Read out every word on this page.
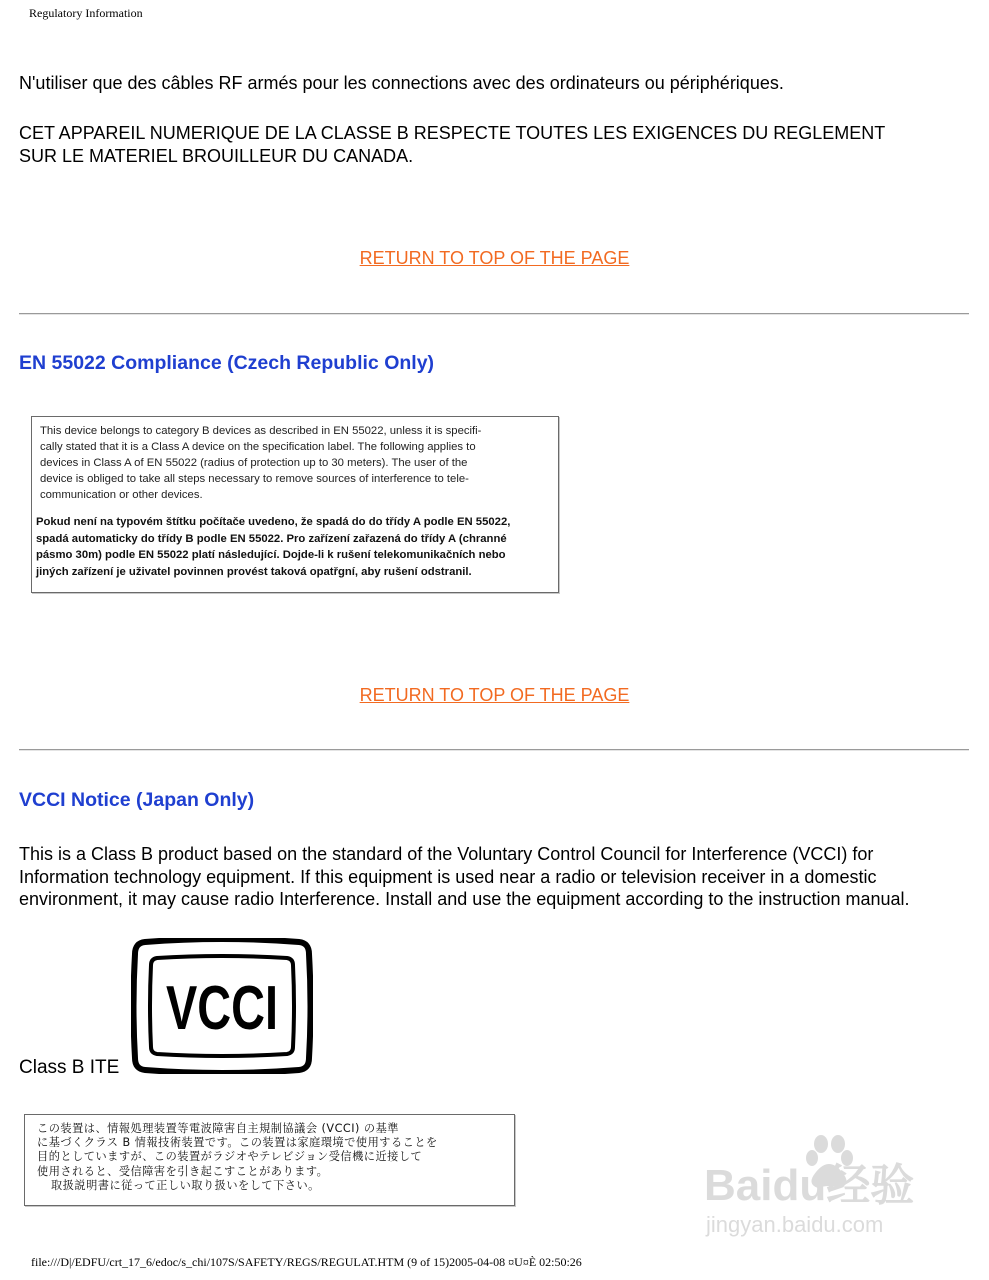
Regulatory Information
N'utiliser que des câbles RF armés pour les connections avec des ordinateurs ou périphériques.
CET APPAREIL NUMERIQUE DE LA CLASSE B RESPECTE TOUTES LES EXIGENCES DU REGLEMENT
SUR LE MATERIEL BROUILLEUR DU CANADA.
RETURN TO TOP OF THE PAGE
EN 55022 Compliance (Czech Republic Only)

This device belongs to category B devices as described in EN 55022, unless it is specifi-

cally stated that it is a Class A device on the specification label. The following applies to

devices in Class A of EN 55022 (radius of protection up to 30 meters). The user of the

device is obliged to take all steps necessary to remove sources of interference to tele-

communication or other devices.

Pokud není na typovém štítku počítače uvedeno, že spadá do do třídy A podle EN 55022,

spadá automaticky do třídy B podle EN 55022. Pro zařízení zařazená do třídy A (chranné

pásmo 30m) podle EN 55022 platí následující. Dojde-li k rušení telekomunikačních nebo

jiných zařízení je uživatel povinnen provést taková opatřgní, aby rušení odstranil.

RETURN TO TOP OF THE PAGE
VCCI Notice (Japan Only)
This is a Class B product based on the standard of the Voluntary Control Council for Interference (VCCI) for
Information technology equipment. If this equipment is used near a radio or television receiver in a domestic
environment, it may cause radio Interference. Install and use the equipment according to the instruction manual.
Class B ITE
VCCI

この装置は、情報処理装置等電波障害自主規制協議会 (VCCI) の基準

に基づくクラス B 情報技術装置です。この装置は家庭環境で使用することを

目的としていますが、この装置がラジオやテレビジョン受信機に近接して

使用されると、受信障害を引き起こすことがあります。

取扱説明書に従って正しい取り扱いをして下さい。	Baidu经验
jingyan.baidu.com
file:///D|/EDFU/crt_17_6/edoc/s_chi/107S/SAFETY/REGS/REGULAT.HTM (9 of 15)2005-04-08 ¤U¤È 02:50:26
